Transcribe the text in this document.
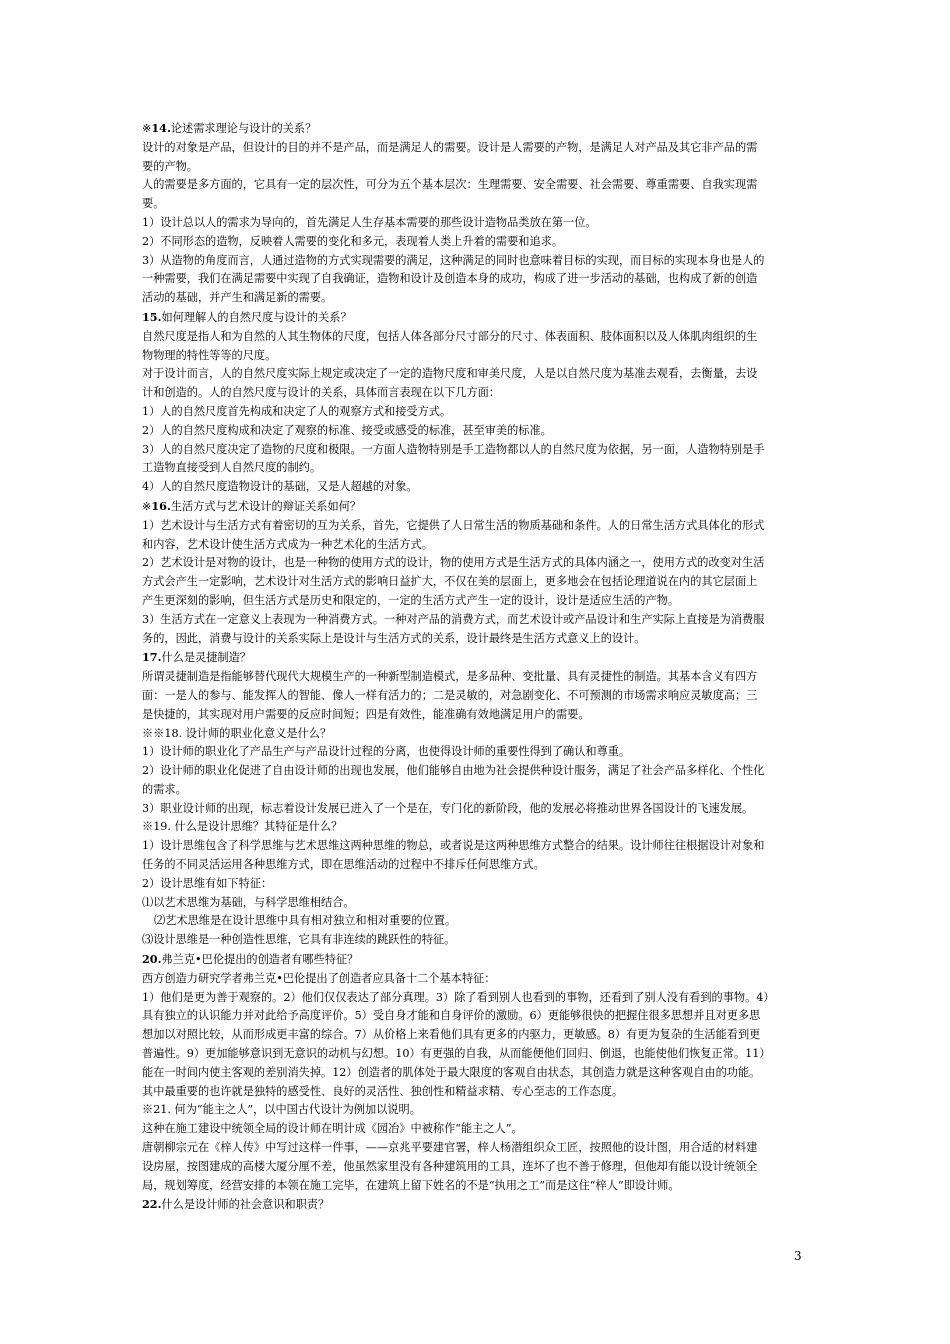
※14.论述需求理论与设计的关系？
设计的对象是产品，但设计的目的并不是产品，而是满足人的需要。设计是人需要的产物，是满足人对产品及其它非产品的需
要的产物。
人的需要是多方面的，它具有一定的层次性，可分为五个基本层次：生理需要、安全需要、社会需要、尊重需要、自我实现需
要。
1）设计总以人的需求为导向的，首先满足人生存基本需要的那些设计造物品类放在第一位。
2）不同形态的造物，反映着人需要的变化和多元，表现着人类上升着的需要和追求。
3）从造物的角度而言，人通过造物的方式实现需要的满足，这种满足的同时也意味着目标的实现，而目标的实现本身也是人的
一种需要，我们在满足需要中实现了自我确证，造物和设计及创造本身的成功，构成了进一步活动的基础，也构成了新的创造
活动的基础，并产生和满足新的需要。
15.如何理解人的自然尺度与设计的关系？
自然尺度是指人和为自然的人其生物体的尺度，包括人体各部分尺寸部分的尺寸、体表面积、肢体面积以及人体肌肉组织的生
物物理的特性等等的尺度。
对于设计而言，人的自然尺度实际上规定或决定了一定的造物尺度和审美尺度，人是以自然尺度为基准去观看，去衡量，去设
计和创造的。人的自然尺度与设计的关系，具体而言表现在以下几方面：
1）人的自然尺度首先构成和决定了人的观察方式和接受方式。
2）人的自然尺度构成和决定了观察的标准、接受或感受的标准，甚至审美的标准。
3）人的自然尺度决定了造物的尺度和极限。一方面人造物特别是手工造物都以人的自然尺度为依据，另一面，人造物特别是手
工造物直接受到人自然尺度的制约。
4）人的自然尺度造物设计的基础，又是人超越的对象。
※16.生活方式与艺术设计的辩证关系如何？
1）艺术设计与生活方式有着密切的互为关系，首先，它提供了人日常生活的物质基础和条件。人的日常生活方式具体化的形式
和内容，艺术设计使生活方式成为一种艺术化的生活方式。
2）艺术设计是对物的设计，也是一种物的使用方式的设计，物的使用方式是生活方式的具体内涵之一，使用方式的改变对生活
方式会产生一定影响，艺术设计对生活方式的影响日益扩大，不仅在美的层面上，更多地会在包括论理道说在内的其它层面上
产生更深刻的影响，但生活方式是历史和限定的，一定的生活方式产生一定的设计，设计是适应生活的产物。
3）生活方式在一定意义上表现为一种消费方式。一种对产品的消费方式，而艺术设计或产品设计和生产实际上直接是为消费服
务的，因此，消费与设计的关系实际上是设计与生活方式的关系，设计最终是生活方式意义上的设计。
17.什么是灵捷制造？
所谓灵捷制造是指能够替代现代大规模生产的一种新型制造模式，是多品种、变批量、具有灵捷性的制造。其基本含义有四方
面：一是人的参与、能发挥人的智能、像人一样有活力的；二是灵敏的，对急剧变化、不可预测的市场需求响应灵敏度高；三
是快捷的，其实现对用户需要的反应时间短；四是有效性，能准确有效地满足用户的需要。
※※18. 设计师的职业化意义是什么？
1）设计师的职业化了产品生产与产品设计过程的分离，也使得设计师的重要性得到了确认和尊重。
2）设计师的职业化促进了自由设计师的出现也发展，他们能够自由地为社会提供种设计服务，满足了社会产品多样化、个性化
的需求。
3）职业设计师的出现，标志着设计发展已进入了一个是在，专门化的新阶段，他的发展必将推动世界各国设计的飞速发展。
※19. 什么是设计思维？其特征是什么？
1）设计思维包含了科学思维与艺术思维这两种思维的物总，或者说是这两种思维方式整合的结果。设计师往往根据设计对象和
任务的不同灵活运用各种思维方式，即在思维活动的过程中不排斥任何思维方式。
2）设计思维有如下特征：
⑴以艺术思维为基础，与科学思维相结合。
⑵艺术思维是在设计思维中具有相对独立和相对重要的位置。
⑶设计思维是一种创造性思维，它具有非连续的跳跃性的特征。
20.弗兰克•巴伦提出的创造者有哪些特征？
西方创造力研究学者弗兰克•巴伦提出了创造者应具备十二个基本特征：
1）他们是更为善于观察的。2）他们仅仅表达了部分真理。3）除了看到别人也看到的事物，还看到了别人没有看到的事物。4）
具有独立的认识能力并对此给予高度评价。5）受自身才能和自身评价的激励。6）更能够很快的把握住很多思想并且对更多思
想加以对照比较，从而形成更丰富的综合。7）从价格上来看他们具有更多的内驱力，更敏感。8）有更为复杂的生活能看到更
普遍性。9）更加能够意识到无意识的动机与幻想。10）有更强的自我，从而能便他们回归、倒退，也能使他们恢复正常。11）
能在一时间内使主客观的差别消失掉。12）创造者的肌体处于最大限度的客观自由状态，其创造力就是这种客观自由的功能。
其中最重要的也许就是独特的感受性、良好的灵活性、独创性和精益求精、专心至志的工作态度。
※21. 何为“能主之人”，以中国古代设计为例加以说明。
这种在施工建设中统领全局的设计师在明计成《园冶》中被称作“能主之人”。
唐朝柳宗元在《梓人传》中写过这样一件事，——京兆平要建官署，梓人杨潜组织众工匠，按照他的设计图，用合适的材料建
设房屋，按图建成的高楼大厦分厘不差，他虽然家里没有各种建筑用的工具，连坏了也不善于修理，但他却有能以设计统领全
局，规划筹度，经营安排的本领在施工完毕，在建筑上留下姓名的不是“执用之工”而是这住“梓人”即设计师。
22.什么是设计师的社会意识和职责？
3
